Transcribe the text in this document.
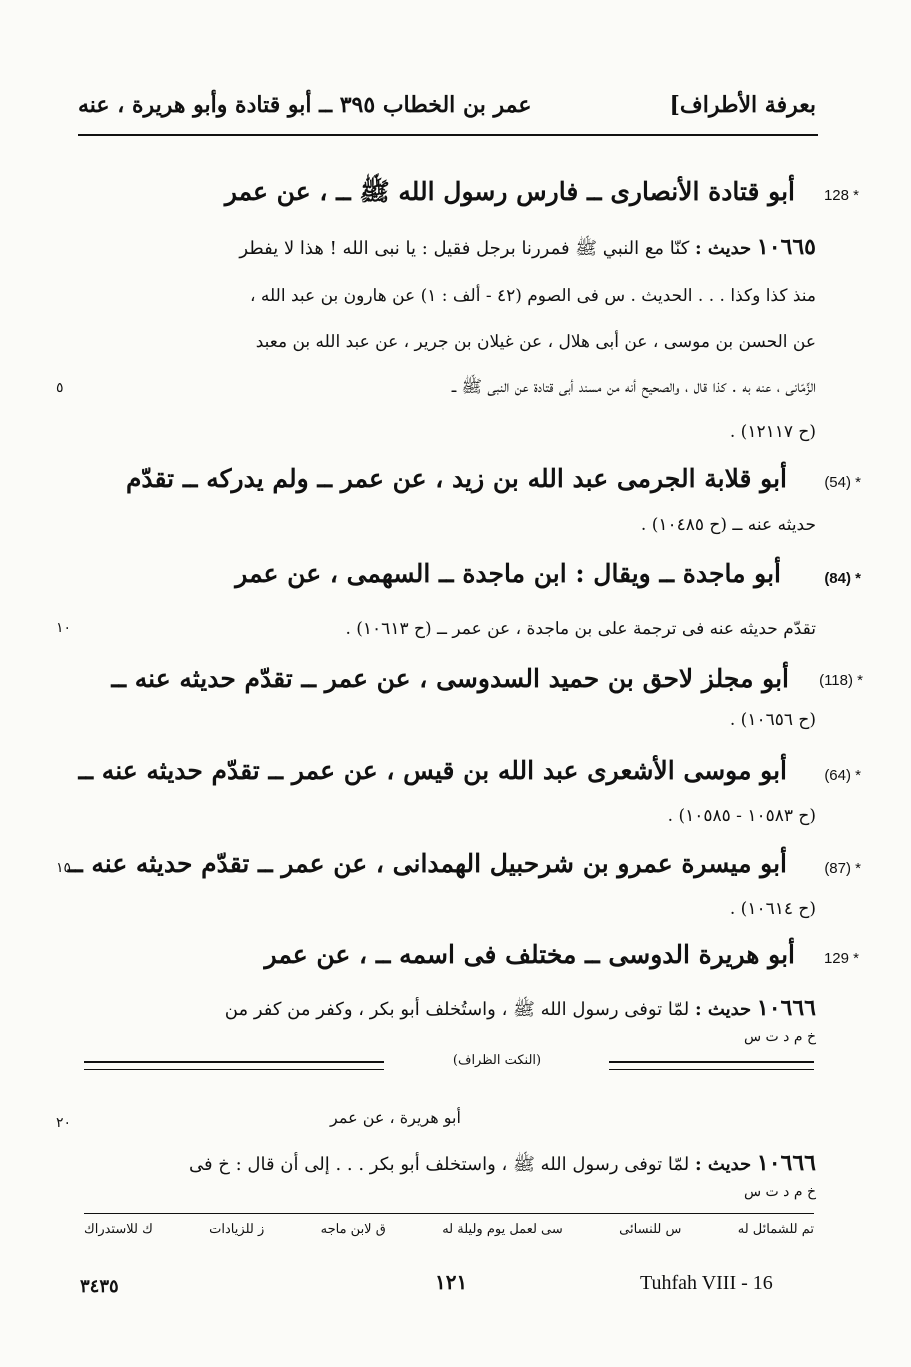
بعرفة الأطراف]
عمر بن الخطاب ٣٩٥ ــ أبو قتادة وأبو هريرة ، عنه
128 *
أبو قتادة الأنصارى ــ فارس رسول الله ﷺ ــ ، عن عمر
١٠٦٦٥ حديث : كنّا مع النبي ﷺ فمررنا برجل فقيل : يا نبى الله ! هذا لا يفطر
منذ كذا وكذا . . . الحديث . س فى الصوم (٤٢ - ألف : ١) عن هارون بن عبد الله ،
عن الحسن بن موسى ، عن أبى هلال ، عن غيلان بن جرير ، عن عبد الله بن معبد
الزِّمّانى ، عنه به . كذا قال ، والصحيح أنه من مسند أبى قتادة عن النبى ﷺ ــ
(ح ١٢١١٧) .
٥
(54) *
أبو قلابة الجرمى عبد الله بن زيد ، عن عمر ــ ولم يدركه ــ تقدّم
حديثه عنه ــ (ح ١٠٤٨٥) .
(84) *
أبو ماجدة ــ ويقال : ابن ماجدة ــ السهمى ، عن عمر
تقدّم حديثه عنه فى ترجمة على بن ماجدة ، عن عمر ــ (ح ١٠٦١٣) .
١٠
(118) *
أبو مجلز لاحق بن حميد السدوسى ، عن عمر ــ تقدّم حديثه عنه ــ
(ح ١٠٦٥٦) .
(64) *
أبو موسى الأشعرى عبد الله بن قيس ، عن عمر ــ تقدّم حديثه عنه ــ
(ح ١٠٥٨٣ - ١٠٥٨٥) .
(87) *
أبو ميسرة عمرو بن شرحبيل الهمدانى ، عن عمر ــ تقدّم حديثه عنه ــ
(ح ١٠٦١٤) .
١٥
129 *
أبو هريرة الدوسى ــ مختلف فى اسمه ــ ، عن عمر
١٠٦٦٦ حديث : لمّا توفى رسول الله ﷺ ، واستُخلف أبو بكر ، وكفر من كفر من
خ م د ت س
(النكت الظراف)
أبو هريرة ، عن عمر
٢٠
١٠٦٦٦ حديث : لمّا توفى رسول الله ﷺ ، واستخلف أبو بكر . . . إلى أن قال : خ فى
خ م د ت س
تم للشمائل له
س للنسائى
سى لعمل يوم وليلة له
ق لابن ماجه
ز للزيادات
ك للاستدراك
٣٤٣٥	١٢١	Tuhfah VIII - 16
